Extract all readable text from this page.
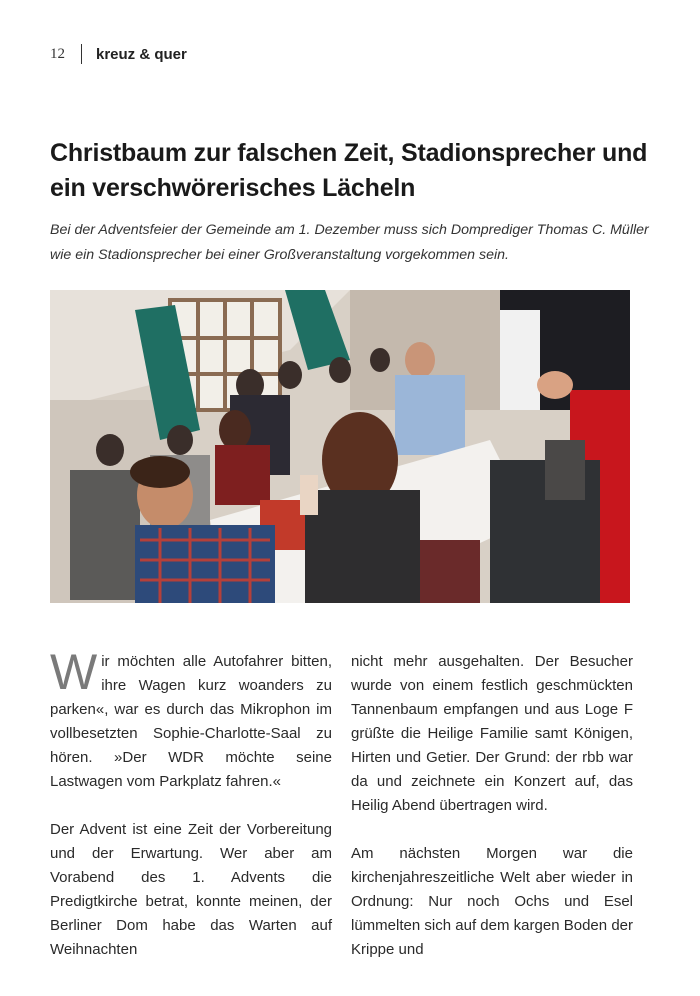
12 kreuz & quer
Christbaum zur falschen Zeit, Stadionsprecher und ein verschwörerisches Lächeln

Bei der Adventsfeier der Gemeinde am 1. Dezember muss sich Domprediger Thomas C. Müller wie ein Stadionsprecher bei einer Großveranstaltung vorgekommen sein.

Wir möchten alle Autofahrer bitten, ihre Wagen kurz woanders zu parken«, war es durch das Mikrophon im vollbesetzten Sophie-Charlotte-Saal zu hören. »Der WDR möchte seine Lastwagen vom Parkplatz fahren.«

Der Advent ist eine Zeit der Vorbereitung und der Erwartung. Wer aber am Vorabend des 1. Advents die Predigtkirche betrat, konnte meinen, der Berliner Dom habe das Warten auf Weihnachten

nicht mehr ausgehalten. Der Besucher wurde von einem festlich geschmückten Tannenbaum empfangen und aus Loge F grüßte die Heilige Familie samt Königen, Hirten und Getier. Der Grund: der rbb war da und zeichnete ein Konzert auf, das Heilig Abend übertragen wird.

Am nächsten Morgen war die kirchenjahreszeitliche Welt aber wieder in Ordnung: Nur noch Ochs und Esel lümmelten sich auf dem kargen Boden der Krippe und
